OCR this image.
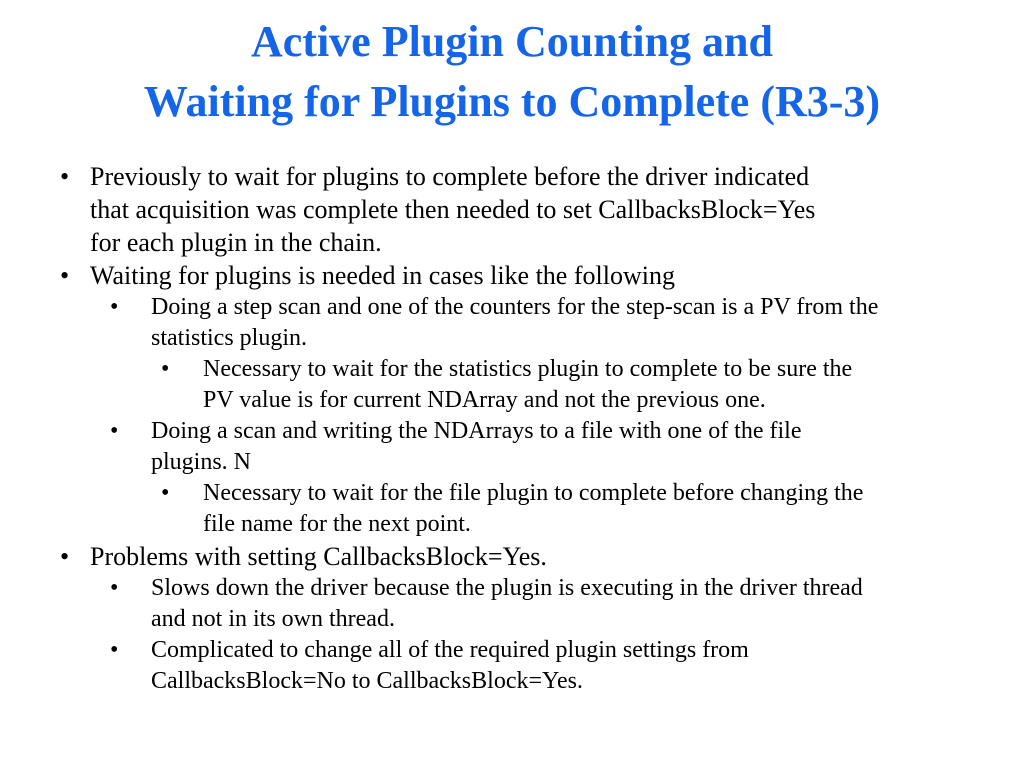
Active Plugin Counting and
Waiting for Plugins to Complete (R3-3)
• Previously to wait for plugins to complete before the driver indicated
that acquisition was complete then needed to set CallbacksBlock=Yes
for each plugin in the chain.
• Waiting for plugins is needed in cases like the following
•	Doing a step scan and one of the counters for the step-scan is a PV from the
statistics plugin.
•	Necessary to wait for the statistics plugin to complete to be sure the
PV value is for current NDArray and not the previous one.
•	Doing a scan and writing the NDArrays to a file with one of the file
plugins. N
•	Necessary to wait for the file plugin to complete before changing the
file name for the next point.
• Problems with setting CallbacksBlock=Yes.
•	Slows down the driver because the plugin is executing in the driver thread
and not in its own thread.
•	Complicated to change all of the required plugin settings from
CallbacksBlock=No to CallbacksBlock=Yes.
